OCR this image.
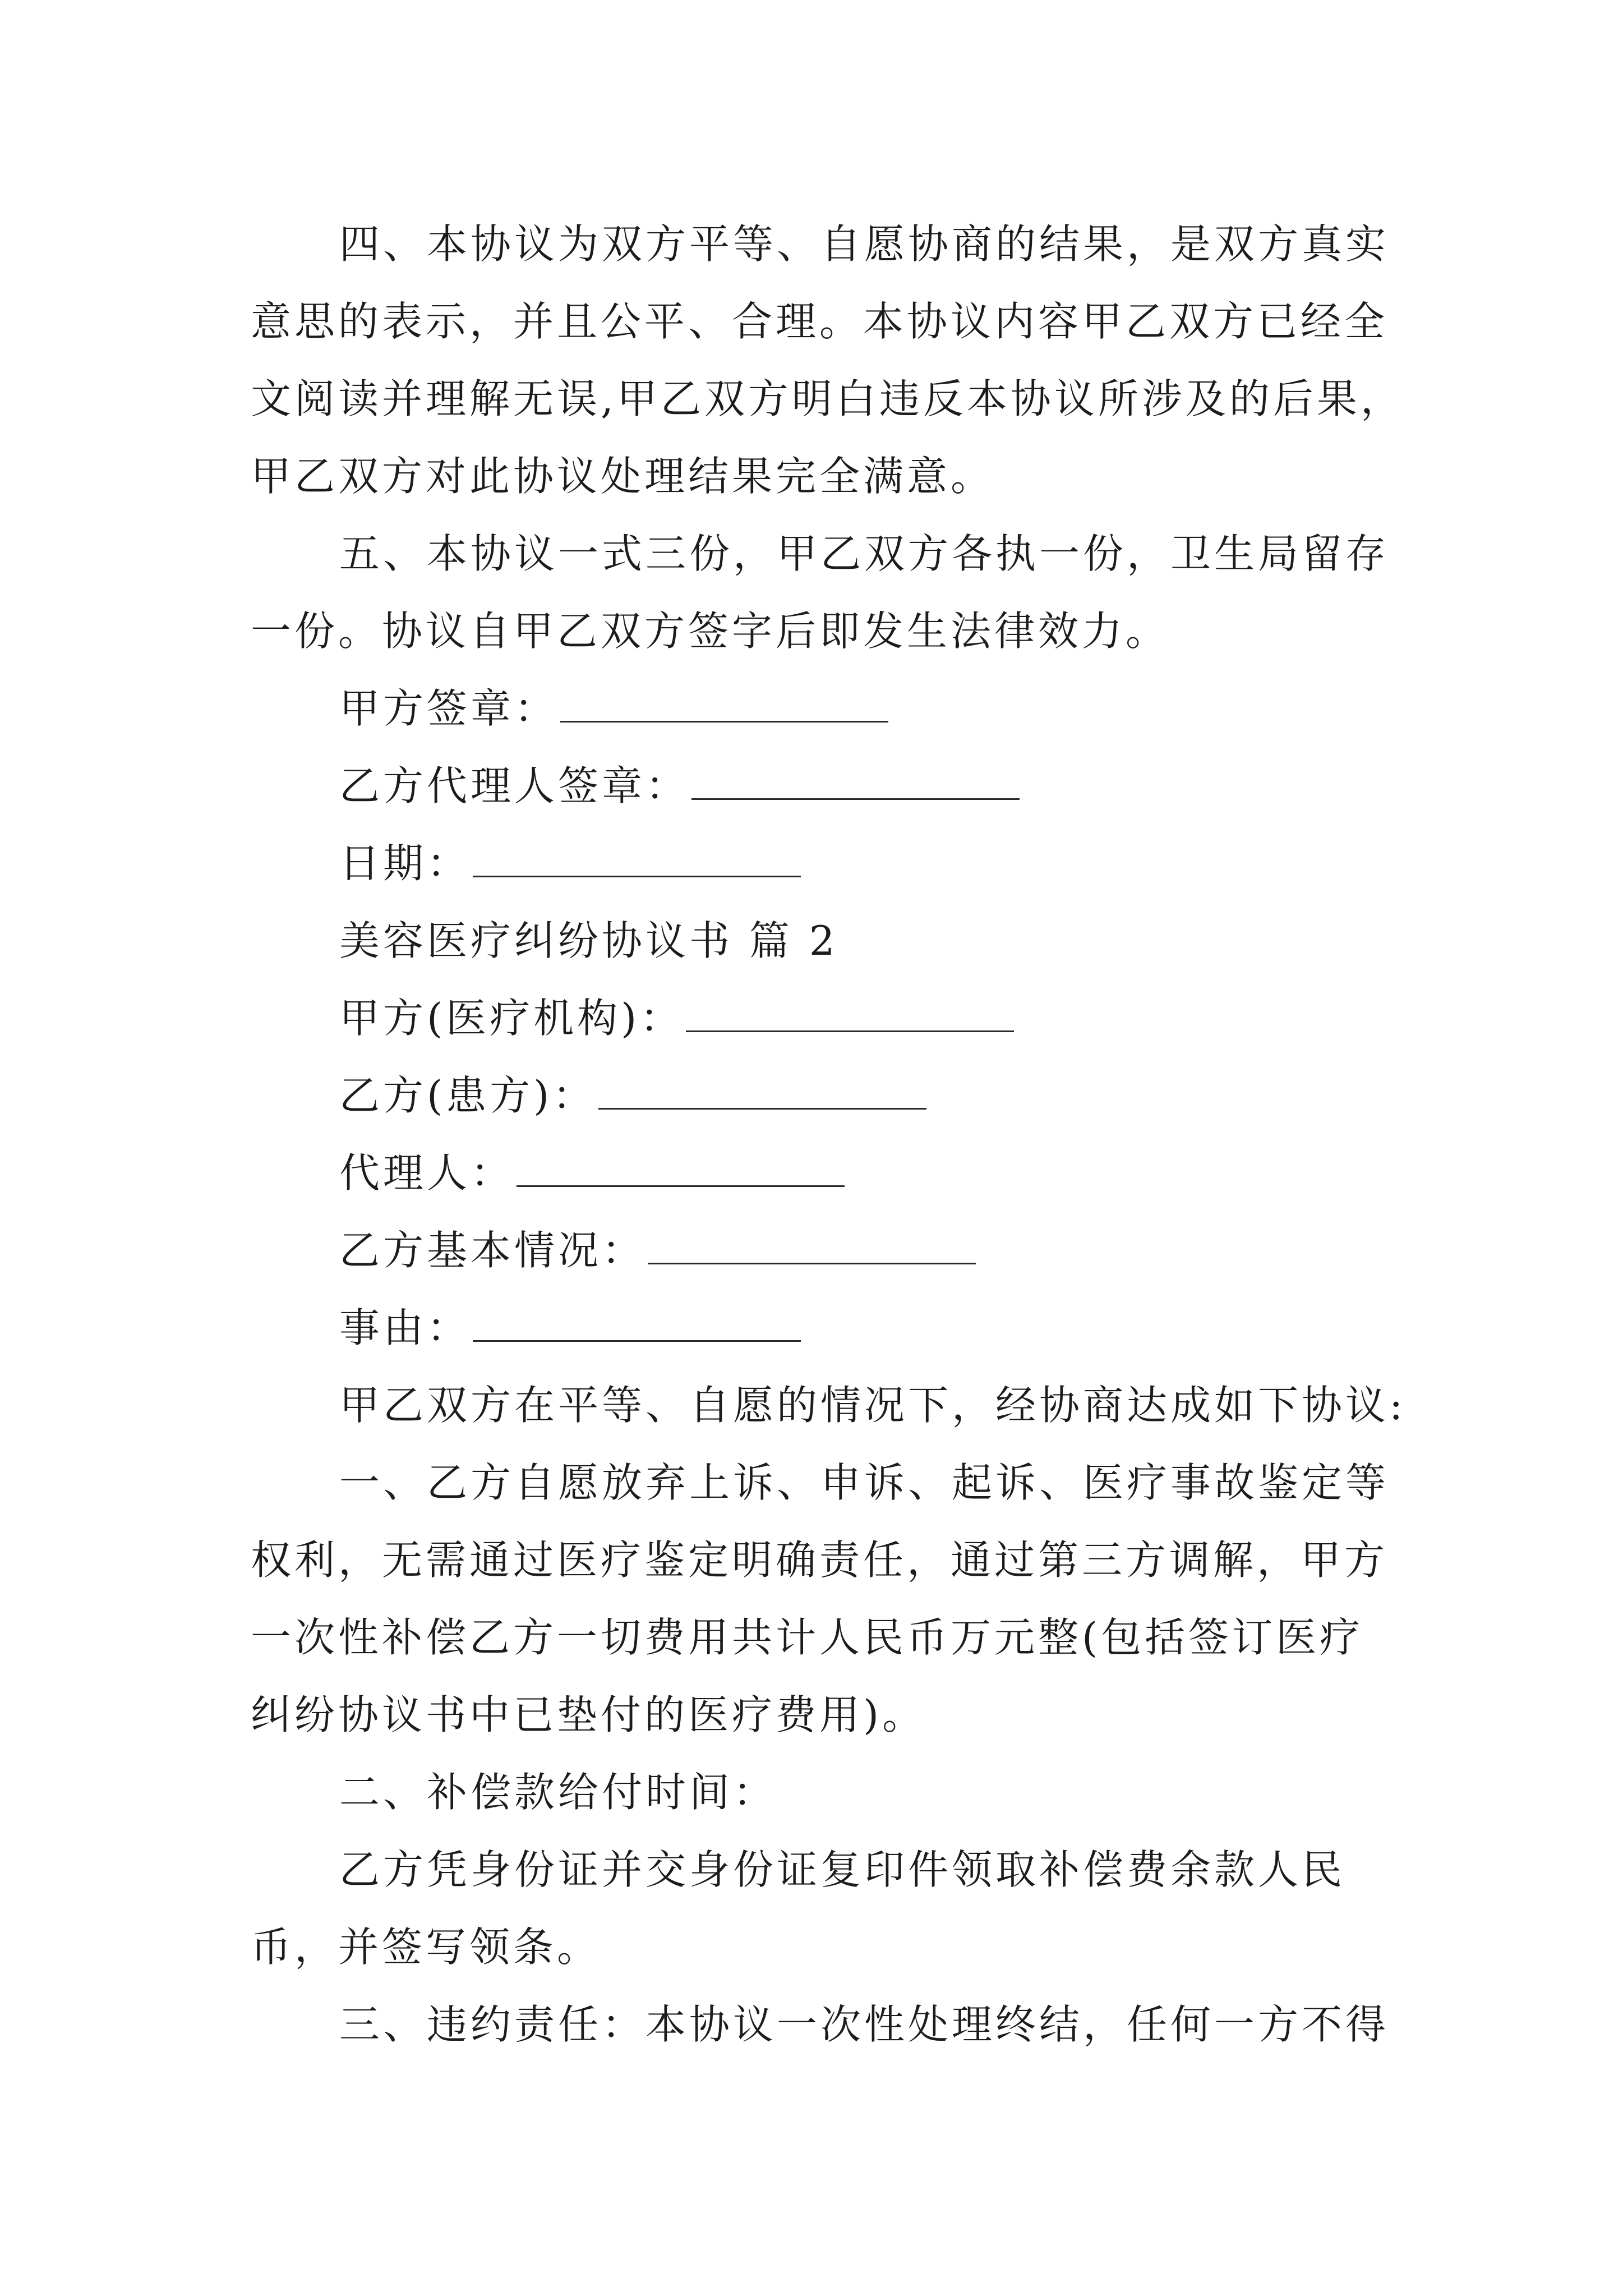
四、本协议为双方平等、自愿协商的结果，是双方真实
意思的表示，并且公平、合理。本协议内容甲乙双方已经全
文阅读并理解无误,甲乙双方明白违反本协议所涉及的后果，
甲乙双方对此协议处理结果完全满意。
五、本协议一式三份，甲乙双方各执一份，卫生局留存
一份。协议自甲乙双方签字后即发生法律效力。
甲方签章：
乙方代理人签章：
日期：
美容医疗纠纷协议书 篇 2
甲方(医疗机构)：
乙方(患方)：
代理人：
乙方基本情况：
事由：
甲乙双方在平等、自愿的情况下，经协商达成如下协议:
一、乙方自愿放弃上诉、申诉、起诉、医疗事故鉴定等
权利，无需通过医疗鉴定明确责任，通过第三方调解，甲方
一次性补偿乙方一切费用共计人民币万元整(包括签订医疗
纠纷协议书中已垫付的医疗费用)。
二、补偿款给付时间：
乙方凭身份证并交身份证复印件领取补偿费余款人民
币，并签写领条。
三、违约责任：本协议一次性处理终结，任何一方不得
